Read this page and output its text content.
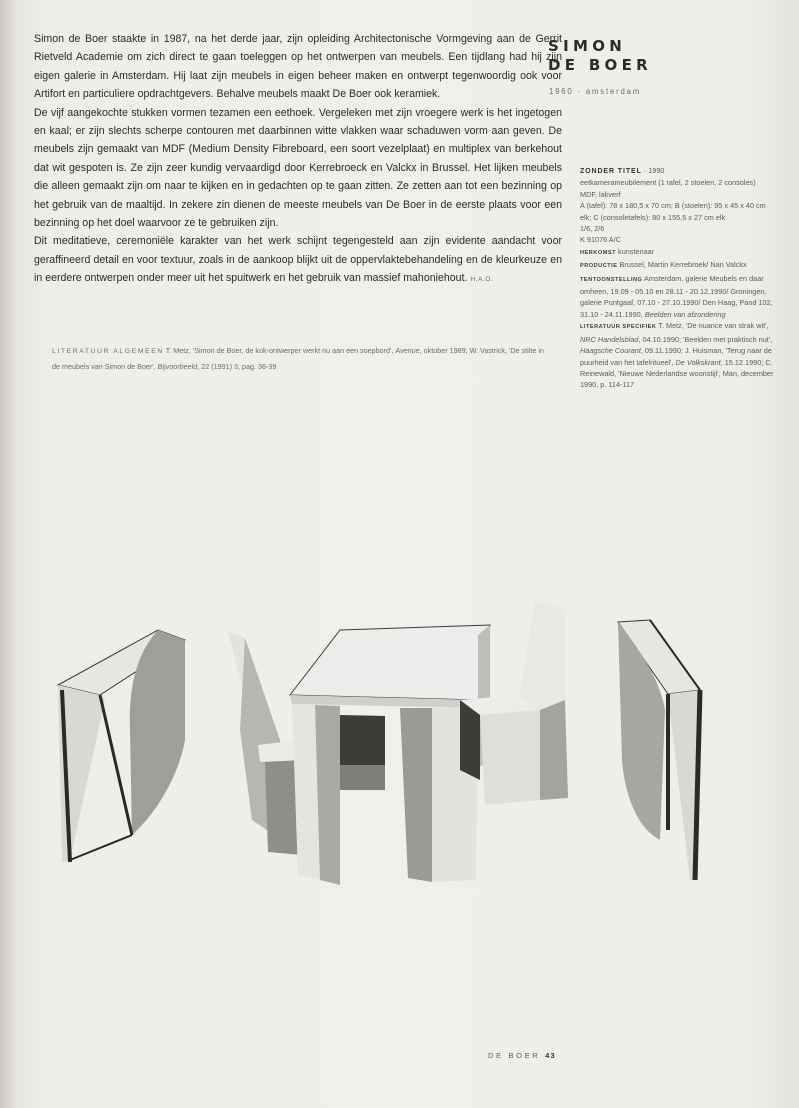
Simon de Boer staakte in 1987, na het derde jaar, zijn opleiding Architectonische Vormgeving aan de Gerrit Rietveld Academie om zich direct te gaan toeleggen op het ontwerpen van meubels. Een tijdlang had hij zijn eigen galerie in Amsterdam. Hij laat zijn meubels in eigen beheer maken en ontwerpt tegenwoordig ook voor Artifort en particuliere opdrachtgevers. Behalve meubels maakt De Boer ook keramiek.

De vijf aangekochte stukken vormen tezamen een eethoek. Vergeleken met zijn vroegere werk is het ingetogen en kaal; er zijn slechts scherpe contouren met daarbinnen witte vlakken waar schaduwen vorm aan geven. De meubels zijn gemaakt van MDF (Medium Density Fibreboard, een soort vezelplaat) en multiplex van berkehout dat wit gespoten is. Ze zijn zeer kundig vervaardigd door Kerrebroeck en Valckx in Brussel. Het lijken meubels die alleen gemaakt zijn om naar te kijken en in gedachten op te gaan zitten. Ze zetten aan tot een bezinning op het gebruik van de maaltijd. In zekere zin dienen de meeste meubels van De Boer in de eerste plaats voor een bezinning op het doel waarvoor ze te gebruiken zijn.

Dit meditatieve, ceremoniële karakter van het werk schijnt tegengesteld aan zijn evidente aandacht voor geraffineerd detail en voor textuur, zoals in de aankoop blijkt uit de oppervlaktebehandeling en de kleurkeuze en in eerdere ontwerpen onder meer uit het spuitwerk en het gebruik van massief mahoniehout. H.A.O.

LITERATUUR ALGEMEEN T. Metz, 'Simon de Boer, de kok-ontwerper werkt nu aan een soepbord', Avenue, oktober 1989; W. Vastrick, 'De stilte in de meubels van Simon de Boer', Bijvoorbeeld, 22 (1991) 3, pag. 36-39
SIMON
DE BOER
1960 · amsterdam
ZONDER TITEL · 1990
eetkamerameubilement (1 tafel, 2 stoelen, 2 consoles)
MDF, lakverf
A (tafel): 78 x 180,5 x 70 cm; B (stoelen): 95 x 45 x 40 cm elk; C (consoletafels): 80 x 155,5 x 27 cm elk
1/6, 2/6
K 91076 A/C
HERKOMST kunstenaar
PRODUCTIE Brussel, Martin Kerrebroek/ Nan Valckx
TENTOONSTELLING Amsterdam, galerie Meubels en daar omheen, 19.09 - 05.10 en 28.11 - 20.12.1990/ Groningen, galerie Puntgaaf, 07.10 - 27.10.1990/ Den Haag, Pand 102, 31.10 - 24.11.1990, Beelden van afzondering
LITERATUUR SPECIFIEK T. Metz, 'De nuance van strak wit', NRC Handelsblad, 04.10.1990; 'Beelden met praktisch nut', Haagsche Courant, 09.11.1990; J. Huisman, 'Terug naar de puurheid van het tafelritueel', De Volkskrant, 15.12.1990; C. Reinewald, 'Nieuwe Nederlandse woonstijl', Man, december 1990, p. 114-117
DE BOER 43
